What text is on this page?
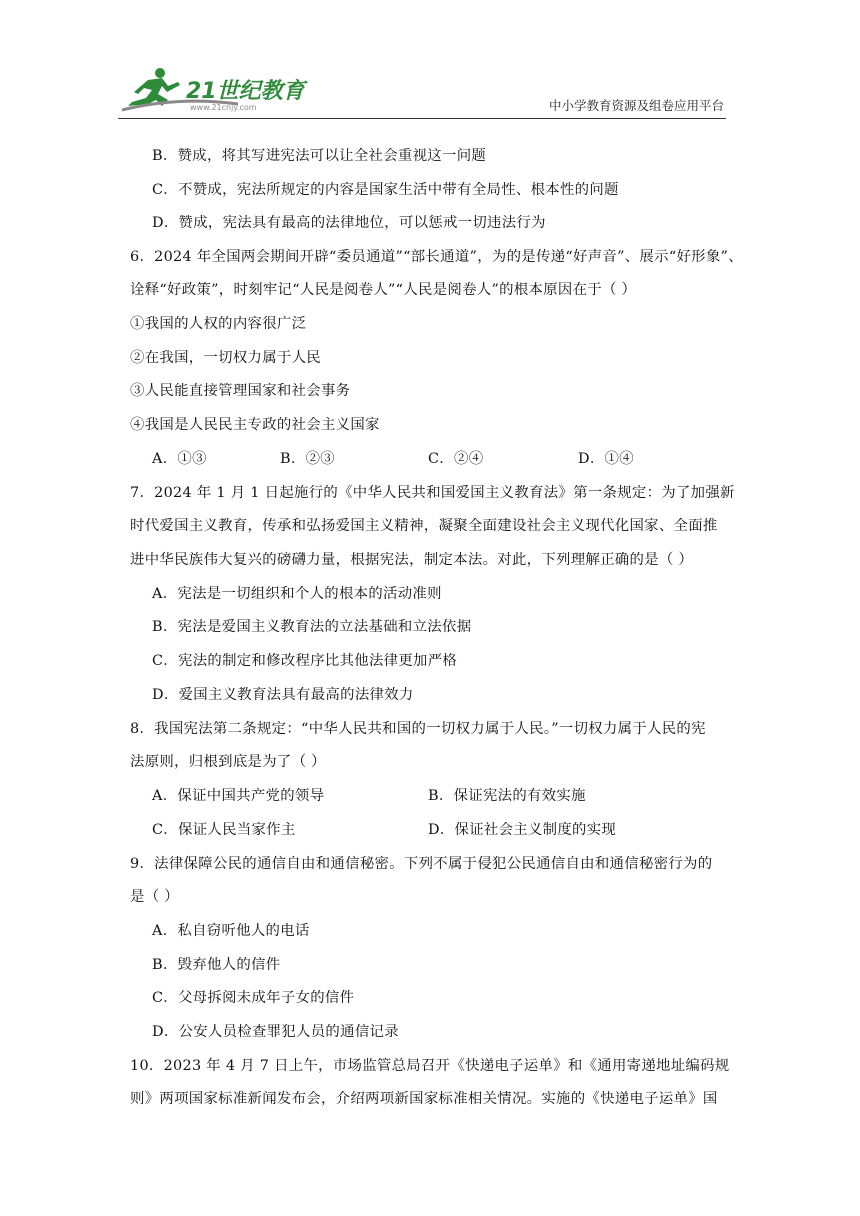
21世纪教育
www.21cnjy.com	中小学教育资源及组卷应用平台
B．赞成，将其写进宪法可以让全社会重视这一问题
C．不赞成，宪法所规定的内容是国家生活中带有全局性、根本性的问题
D．赞成，宪法具有最高的法律地位，可以惩戒一切违法行为
6．2024 年全国两会期间开辟“委员通道”“部长通道”，为的是传递“好声音”、展示“好形象”、
诠释“好政策”，时刻牢记“人民是阅卷人”“人民是阅卷人”的根本原因在于（ ）
①我国的人权的内容很广泛
②在我国，一切权力属于人民
③人民能直接管理国家和社会事务
④我国是人民民主专政的社会主义国家
A．①③	B．②③	C．②④	D．①④
7．2024 年 1 月 1 日起施行的《中华人民共和国爱国主义教育法》第一条规定：为了加强新
时代爱国主义教育，传承和弘扬爱国主义精神，凝聚全面建设社会主义现代化国家、全面推
进中华民族伟大复兴的磅礴力量，根据宪法，制定本法。对此，下列理解正确的是（ ）
A．宪法是一切组织和个人的根本的活动准则
B．宪法是爱国主义教育法的立法基础和立法依据
C．宪法的制定和修改程序比其他法律更加严格
D．爱国主义教育法具有最高的法律效力
8．我国宪法第二条规定：“中华人民共和国的一切权力属于人民。”一切权力属于人民的宪
法原则，归根到底是为了（ ）
A．保证中国共产党的领导	B．保证宪法的有效实施
C．保证人民当家作主	D．保证社会主义制度的实现
9．法律保障公民的通信自由和通信秘密。下列不属于侵犯公民通信自由和通信秘密行为的
是（ ）
A．私自窃听他人的电话
B．毁弃他人的信件
C．父母拆阅未成年子女的信件
D．公安人员检查罪犯人员的通信记录
10．2023 年 4 月 7 日上午，市场监管总局召开《快递电子运单》和《通用寄递地址编码规
则》两项国家标准新闻发布会，介绍两项新国家标准相关情况。实施的《快递电子运单》国
